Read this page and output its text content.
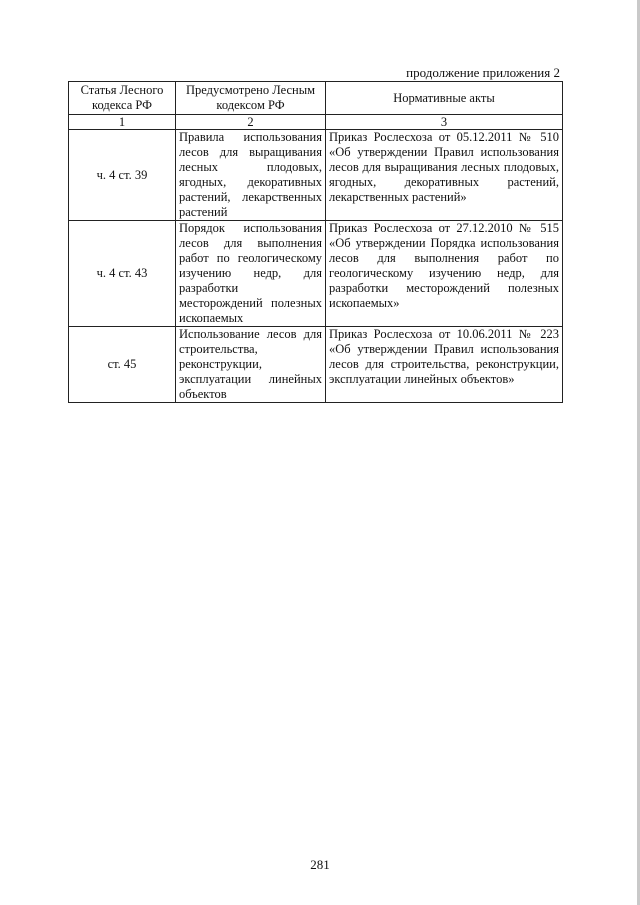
продолжение приложения 2
Статья Лесного кодекса РФ	Предусмотрено Лесным кодексом РФ	Нормативные акты
1	2	3
ч. 4 ст. 39	Правила использования лесов для выращивания лесных плодовых, ягодных, декоративных растений, лекарственных растений	Приказ Рослесхоза от 05.12.2011 № 510 «Об утверждении Правил использования лесов для выращивания лесных плодовых, ягодных, декоративных растений, лекарственных растений»
ч. 4 ст. 43	Порядок использования лесов для выполнения работ по геологическому изучению недр, для разработки месторождений полезных ископаемых	Приказ Рослесхоза от 27.12.2010 № 515 «Об утверждении Порядка использования лесов для выполнения работ по геологическому изучению недр, для разработки месторождений полезных ископаемых»
ст. 45	Использование лесов для строительства, реконструкции, эксплуатации линейных объектов	Приказ Рослесхоза от 10.06.2011 № 223 «Об утверждении Правил использования лесов для строительства, реконструкции, эксплуатации линейных объектов»
281
